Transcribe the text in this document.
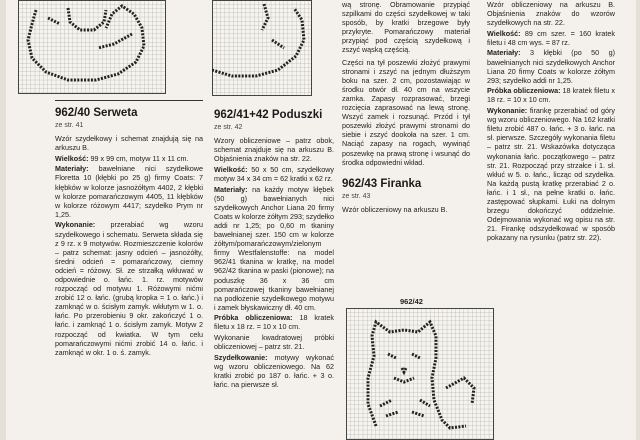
962/40 Serweta
ze str. 41

Wzór szydełkowy i schemat znajdują się na arkuszu B.

Wielkość: 99 x 99 cm, motyw 11 x 11 cm.

Materiały: bawełniane nici szydełkowe Floretta 10 (kłębki po 25 g) firmy Coats: 7 kłębków w kolorze jasnożółtym 4402, 2 kłębki w kolorze pomarańczowym 4405, 11 kłębków w kolorze różowym 4417; szydełko Prym nr 1,25.

Wykonanie: przerabiać wg wzoru szydełkowego i schematu. Serweta składa się z 9 rz. x 9 motywów. Rozmieszczenie kolorów – patrz schemat: jasny odcień – jasnożółty, średni odcień = pomarańczowy, ciemny odcień = różowy. Sł. ze strzałką wkłuwać w odpowiednie o. łańc. 1. rz. motywów rozpocząć od motywu 1. Różowymi nićmi zrobić 12 o. łańc. (grubą kropka = 1 o. łańc.) i zamknąć w o. ścisłym zamyk. wkłutym w 1. o. łańc. Po przerobieniu 9 okr. zakończyć 1 o. łańc. i zamknąć 1 o. ścisłym zamyk. Motyw 2 rozpocząć od kwiatka. W tym celu pomarańczowymi nićmi zrobić 14 o. łańc. i zamknąć w okr. 1 o. ś. zamyk.

962/41+42 Poduszki
ze str. 42

Wzory obliczeniowe – patrz obok, schemat znajduje się na arkuszu B. Objaśnienia znaków na str. 22.

Wielkość: 50 x 50 cm, szydełkowy motyw 34 x 34 cm = 62 kratki x 62 rz.

Materiały: na każdy motyw kłębek (50 g) bawełnianych nici szydełkowych Anchor Liana 20 firmy Coats w kolorze żółtym 293; szydełko addi nr 1,25; po 0,60 m tkaniny bawełnianej szer. 150 cm w kolorze żółtym/pomarańczowym/zielonym firmy Westfalenstoffe: na model 962/41 tkanina w kratkę, na model 962/42 tkanina w paski (pionowe); na poduszkę 36 x 36 cm pomarańczowej tkaniny bawełnianej na podłożenie szydełkowego motywu i zamek błyskawiczny dł. 40 cm.

Próbka obliczeniowa: 18 kratek filetu x 18 rz. = 10 x 10 cm.

Wykonanie kwadratowej próbki obliczeniowej – patrz str. 21.

Szydełkowanie: motywy wykonać wg wzoru obliczeniowego. Na 62 kratki zrobić po 187 o. łańc. + 3 o. łańc. na pierwsze sł.

wą stronę. Obramowanie przypiąć szpilkami do części szydełkowej w taki sposób, by kratki brzegowe były przykryte. Pomarańczowy materiał przypiąć pod częścią szydełkową i zszyć wąską częścią.

Części na tył poszewki złożyć prawymi stronami i zszyć na jednym dłuższym boku na szer. 2 cm, pozostawiając w środku otwór dł. 40 cm na wszycie zamka. Zapasy rozprasować, brzegi rozcięcia zaprasować na lewą stronę. Wszyć zamek i rozsunąć. Przód i tył poszewki złożyć prawymi stronami do siebie i zszyć dookoła na szer. 1 cm. Naciąć zapasy na rogach, wywinąć poszewkę na prawą stronę i wsunąć do środka odpowiedni wkład.

962/43 Firanka
ze str. 43

Wzór obliczeniowy na arkuszu B.

962/42

Wzór obliczeniowy na arkuszu B. Objaśnienia znaków do wzorów szydełkowych na str. 22.

Wielkość: 89 cm szer. = 160 kratek filetu i 48 cm wys. = 87 rz.

Materiały: 3 kłębki (po 50 g) bawełnianych nici szydełkowych Anchor Liana 20 firmy Coats w kolorze żółtym 293; szydełko addi nr 1,25.

Próbka obliczeniowa: 18 kratek filetu x 18 rz. = 10 x 10 cm.

Wykonanie: firankę przerabiać od góry wg wzoru obliczeniowego. Na 162 kratki filetu zrobić 487 o. łańc. + 3 o. łańc. na sł. pierwsze. Szczegóły wykonania filetu – patrz str. 21. Wskazówka dotycząca wykonania łańc. początkowego – patrz str. 21. Rozpocząć przy strzałce i 1. sł. wkłuć w 5. o. łańc., licząc od szydełka. Na każdą pustą kratkę przerabiać 2 o. łańc. i 1 sł., na pełne kratki o. łańc. zastępować słupkami. Łuki na dolnym brzegu dokończyć oddzielnie. Odejmowania wykonać wg opisu na str. 21. Firankę odszydełkować w sposób pokazany na rysunku (patrz str. 22).
